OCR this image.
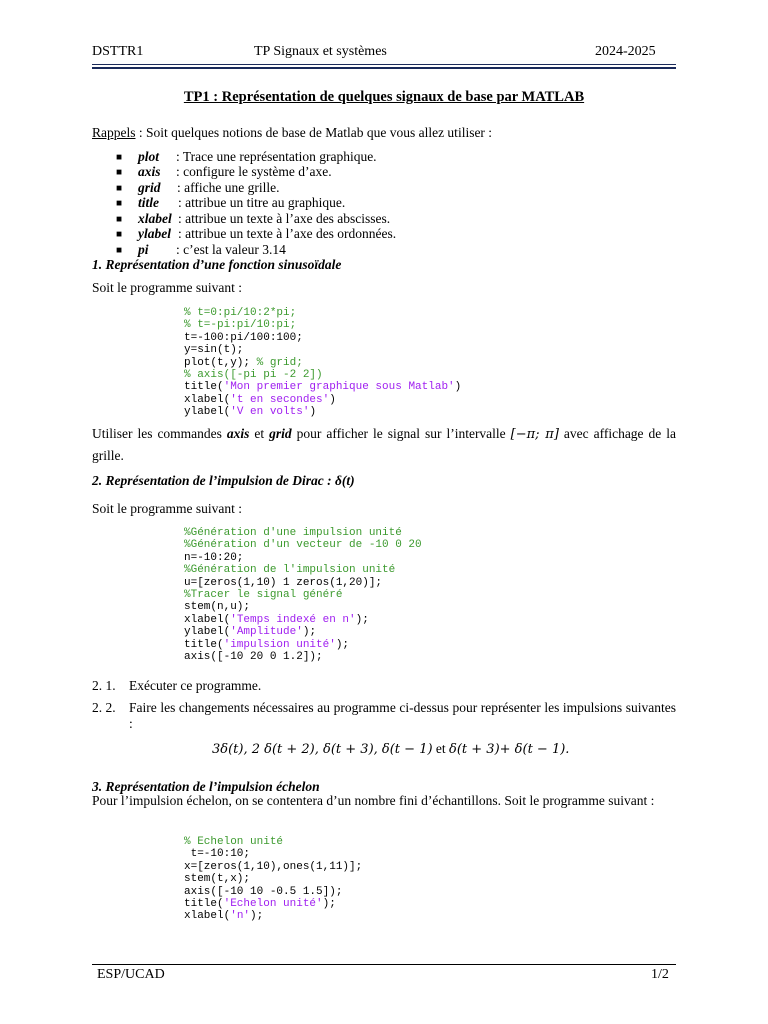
DSTTR1	TP Signaux et systèmes	2024-2025
TP1 : Représentation de quelques signaux de base par MATLAB
Rappels : Soit quelques notions de base de Matlab que vous allez utiliser :
■ plot : Trace une représentation graphique.
■ axis : configure le système d’axe.
■ grid : affiche une grille.
■ title : attribue un titre au graphique.
■ xlabel : attribue un texte à l’axe des abscisses.
■ ylabel : attribue un texte à l’axe des ordonnées.
■ pi : c’est la valeur 3.14
1. Représentation d’une fonction sinusoïdale
Soit le programme suivant :
% t=0:pi/10:2*pi;
% t=-pi:pi/10:pi;
t=-100:pi/100:100;
y=sin(t);
plot(t,y); % grid;
% axis([-pi pi -2 2])
title('Mon premier graphique sous Matlab')
xlabel('t en secondes')
ylabel('V en volts')
Utiliser les commandes axis et grid pour afficher le signal sur l’intervalle [−π; π] avec affichage de la grille.
2. Représentation de l’impulsion de Dirac : δ(t)
Soit le programme suivant :
%Génération d'une impulsion unité
%Génération d'un vecteur de -10 0 20
n=-10:20;
%Génération de l'impulsion unité
u=[zeros(1,10) 1 zeros(1,20)];
%Tracer le signal généré
stem(n,u);
xlabel('Temps indexé en n');
ylabel('Amplitude');
title('impulsion unité');
axis([-10 20 0 1.2]);
2. 1. Exécuter ce programme.
2. 2. Faire les changements nécessaires au programme ci-dessus pour représenter les impulsions suivantes :
3δ(t), 2 δ(t + 2), δ(t + 3), δ(t − 1) et δ(t + 3)+ δ(t − 1).
3. Représentation de l’impulsion échelon
Pour l’impulsion échelon, on se contentera d’un nombre fini d’échantillons. Soit le programme suivant :
% Echelon unité
t=-10:10;
x=[zeros(1,10),ones(1,11)];
stem(t,x);
axis([-10 10 -0.5 1.5]);
title('Echelon unité');
xlabel('n');
ESP/UCAD	1/2
